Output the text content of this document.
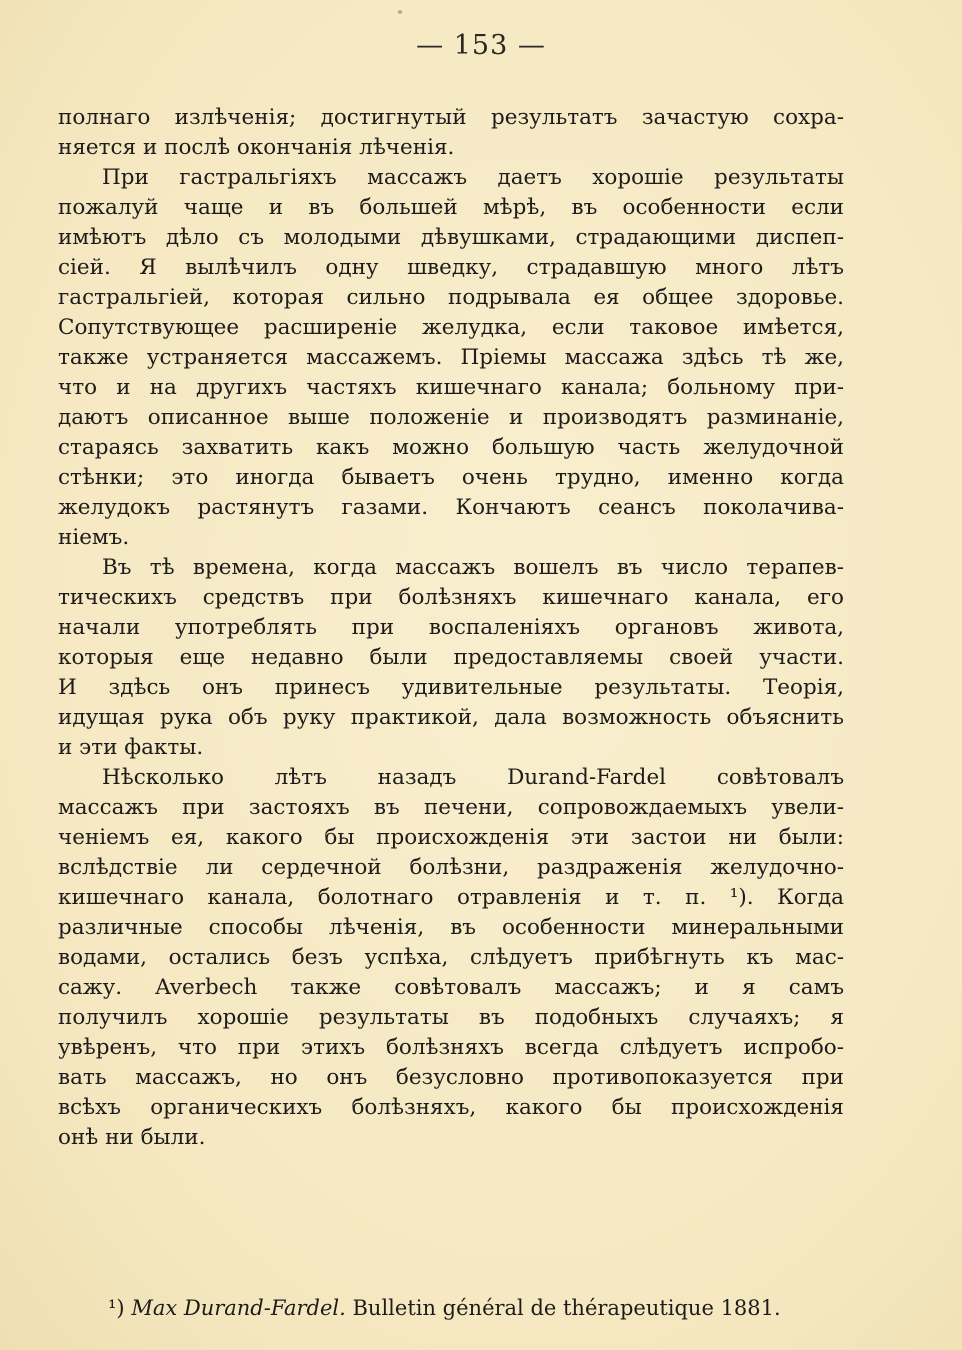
— 153 —
полнаго излѣченія; достигнутый результатъ зачастую сохра-
няется и послѣ окончанія лѣченія.
При гастральгіяхъ массажъ даетъ хорошіе результаты
пожалуй чаще и въ большей мѣрѣ, въ особенности если
имѣютъ дѣло съ молодыми дѣвушками, страдающими диспеп-
сіей. Я вылѣчилъ одну шведку, страдавшую много лѣтъ
гастральгіей, которая сильно подрывала ея общее здоровье.
Сопутствующее расширеніе желудка, если таковое имѣется,
также устраняется массажемъ. Пріемы массажа здѣсь тѣ же,
что и на другихъ частяхъ кишечнаго канала; больному при-
даютъ описанное выше положеніе и производятъ разминаніе,
стараясь захватить какъ можно большую часть желудочной
стѣнки; это иногда бываетъ очень трудно, именно когда
желудокъ растянутъ газами. Кончаютъ сеансъ поколачива-
ніемъ.
Въ тѣ времена, когда массажъ вошелъ въ число терапев-
тическихъ средствъ при болѣзняхъ кишечнаго канала, его
начали употреблять при воспаленіяхъ органовъ живота,
которыя еще недавно были предоставляемы своей участи.
И здѣсь онъ принесъ удивительные результаты. Теорія,
идущая рука объ руку практикой, дала возможность объяснить
и эти факты.
Нѣсколько лѣтъ назадъ Durand-Fardel совѣтовалъ
массажъ при застояхъ въ печени, сопровождаемыхъ увели-
ченіемъ ея, какого бы происхожденія эти застои ни были:
вслѣдствіе ли сердечной болѣзни, раздраженія желудочно-
кишечнаго канала, болотнаго отравленія и т. п. ¹). Когда
различные способы лѣченія, въ особенности минеральными
водами, остались безъ успѣха, слѣдуетъ прибѣгнуть къ мас-
сажу. Averbech также совѣтовалъ массажъ; и я самъ
получилъ хорошіе результаты въ подобныхъ случаяхъ; я
увѣренъ, что при этихъ болѣзняхъ всегда слѣдуетъ испробо-
вать массажъ, но онъ безусловно противопоказуется при
всѣхъ органическихъ болѣзняхъ, какого бы происхожденія
онѣ ни были.
¹) Max Durand-Fardel. Bulletin général de thérapeutique 1881.
